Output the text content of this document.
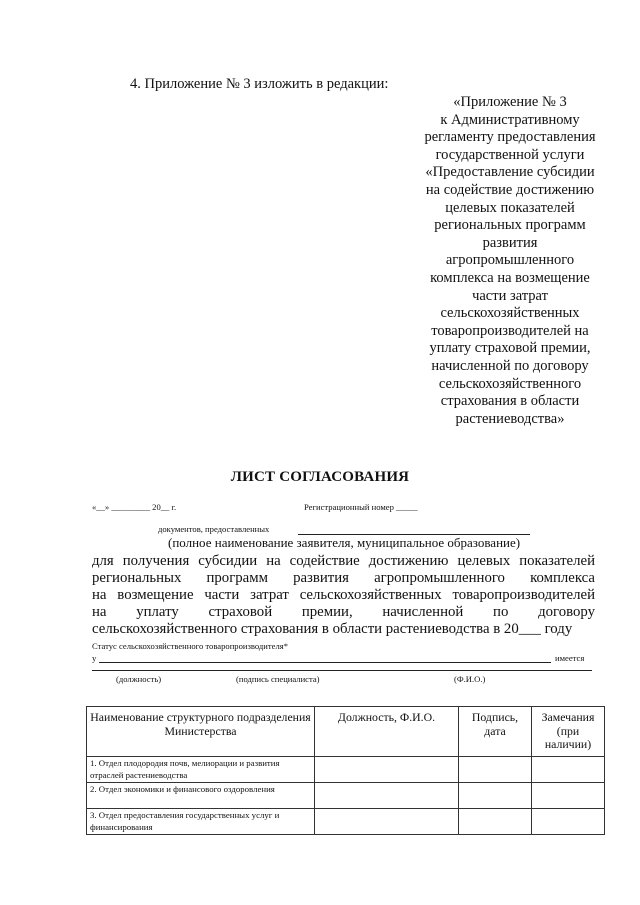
4. Приложение № 3 изложить в редакции:
«Приложение № 3
к Административному
регламенту предоставления
государственной услуги
«Предоставление субсидии
на содействие достижению
целевых показателей
региональных программ
развития
агропромышленного
комплекса на возмещение
части затрат
сельскохозяйственных
товаропроизводителей на
уплату страховой премии,
начисленной по договору
сельскохозяйственного
страхования в области
растениеводства»
ЛИСТ СОГЛАСОВАНИЯ
«__» _________ 20__ г.	Регистрационный номер _____
документов, предоставленных
(полное наименование заявителя, муниципальное образование)
для получения субсидии на содействие достижению целевых показателей
региональных программ развития агропромышленного комплекса
на возмещение части затрат сельскохозяйственных товаропроизводителей
на уплату страховой премии, начисленной по договору
сельскохозяйственного страхования в области растениеводства в 20___ году
Статус сельскохозяйственного товаропроизводителя*
у	имеется
(должность)	(подпись специалиста)	(Ф.И.О.)
Наименование структурного подразделения Министерства	Должность, Ф.И.О.	Подпись, дата	Замечания (при наличии)
1. Отдел плодородия почв, мелиорации и развития отраслей растениеводства			
2. Отдел экономики и финансового оздоровления			
3. Отдел предоставления государственных услуг и финансирования			
